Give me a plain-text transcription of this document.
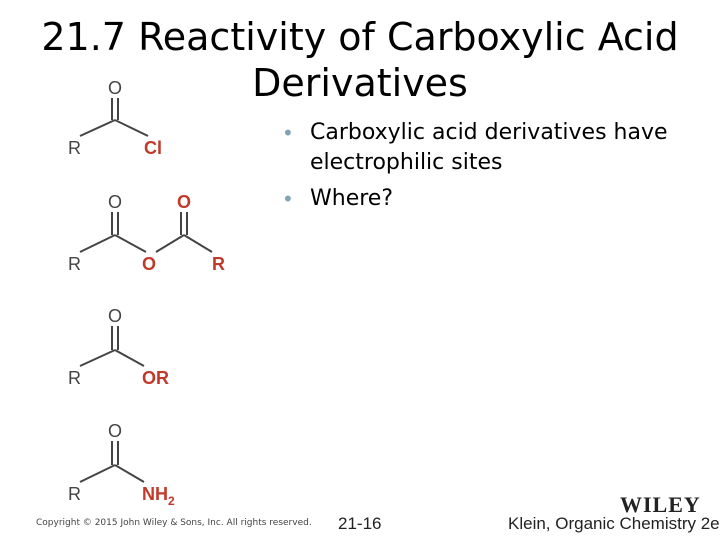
21.7 Reactivity of Carboxylic Acid
Derivatives
• Carboxylic acid derivatives have electrophilic sites
• Where?
O
R	Cl
O	O
R	O	R
O
R	OR
O
R	$NH_2$
Copyright © 2015 John Wiley & Sons, Inc. All rights reserved. 21-16
WILEY
Klein, Organic Chemistry 2e
